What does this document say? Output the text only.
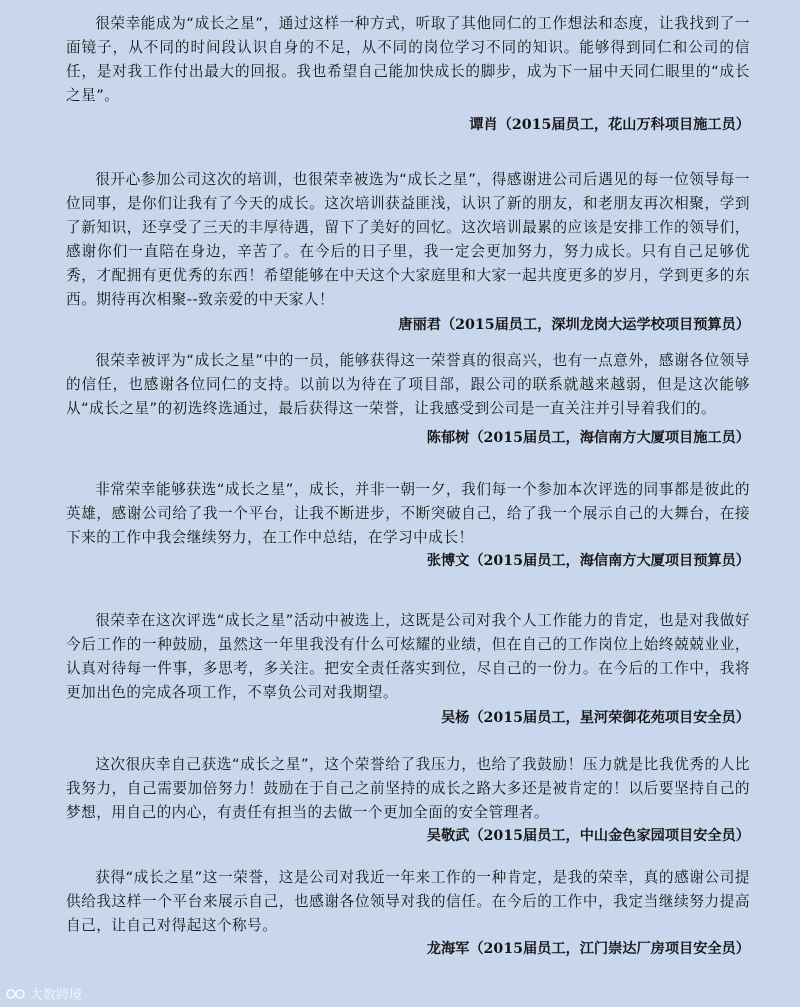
很荣幸能成为“成长之星”，通过这样一种方式，听取了其他同仁的工作想法和态度，让我找到了一面镜子，从不同的时间段认识自身的不足，从不同的岗位学习不同的知识。能够得到同仁和公司的信任，是对我工作付出最大的回报。我也希望自己能加快成长的脚步，成为下一届中天同仁眼里的“成长之星”。

谭肖（2015届员工，花山万科项目施工员）

很开心参加公司这次的培训，也很荣幸被选为“成长之星”，得感谢进公司后遇见的每一位领导每一位同事，是你们让我有了今天的成长。这次培训获益匪浅，认识了新的朋友，和老朋友再次相聚，学到了新知识，还享受了三天的丰厚待遇，留下了美好的回忆。这次培训最累的应该是安排工作的领导们，感谢你们一直陪在身边，辛苦了。在今后的日子里，我一定会更加努力，努力成长。只有自己足够优秀，才配拥有更优秀的东西！希望能够在中天这个大家庭里和大家一起共度更多的岁月，学到更多的东西。期待再次相聚--致亲爱的中天家人！

唐丽君（2015届员工，深圳龙岗大运学校项目预算员）

很荣幸被评为“成长之星”中的一员，能够获得这一荣誉真的很高兴，也有一点意外，感谢各位领导的信任，也感谢各位同仁的支持。以前以为待在了项目部，跟公司的联系就越来越弱，但是这次能够从“成长之星”的初选终选通过，最后获得这一荣誉，让我感受到公司是一直关注并引导着我们的。

陈郁树（2015届员工，海信南方大厦项目施工员）

非常荣幸能够获选“成长之星”，成长，并非一朝一夕，我们每一个参加本次评选的同事都是彼此的英雄，感谢公司给了我一个平台，让我不断进步，不断突破自己，给了我一个展示自己的大舞台，在接下来的工作中我会继续努力，在工作中总结，在学习中成长！

张博文（2015届员工，海信南方大厦项目预算员）

很荣幸在这次评选“成长之星”活动中被选上，这既是公司对我个人工作能力的肯定，也是对我做好今后工作的一种鼓励，虽然这一年里我没有什么可炫耀的业绩，但在自己的工作岗位上始终兢兢业业，认真对待每一件事，多思考，多关注。把安全责任落实到位，尽自己的一份力。在今后的工作中，我将更加出色的完成各项工作，不辜负公司对我期望。

吴杨（2015届员工，星河荣御花苑项目安全员）

这次很庆幸自己获选“成长之星”，这个荣誉给了我压力，也给了我鼓励！压力就是比我优秀的人比我努力，自己需要加倍努力！鼓励在于自己之前坚持的成长之路大多还是被肯定的！以后要坚持自己的梦想，用自己的内心，有责任有担当的去做一个更加全面的安全管理者。

吴敬武（2015届员工，中山金色家园项目安全员）

获得“成长之星”这一荣誉，这是公司对我近一年来工作的一种肯定，是我的荣幸，真的感谢公司提供给我这样一个平台来展示自己，也感谢各位领导对我的信任。在今后的工作中，我定当继续努力提高自己，让自己对得起这个称号。

龙海军（2015届员工，江门崇达厂房项目安全员）
大数跨境
